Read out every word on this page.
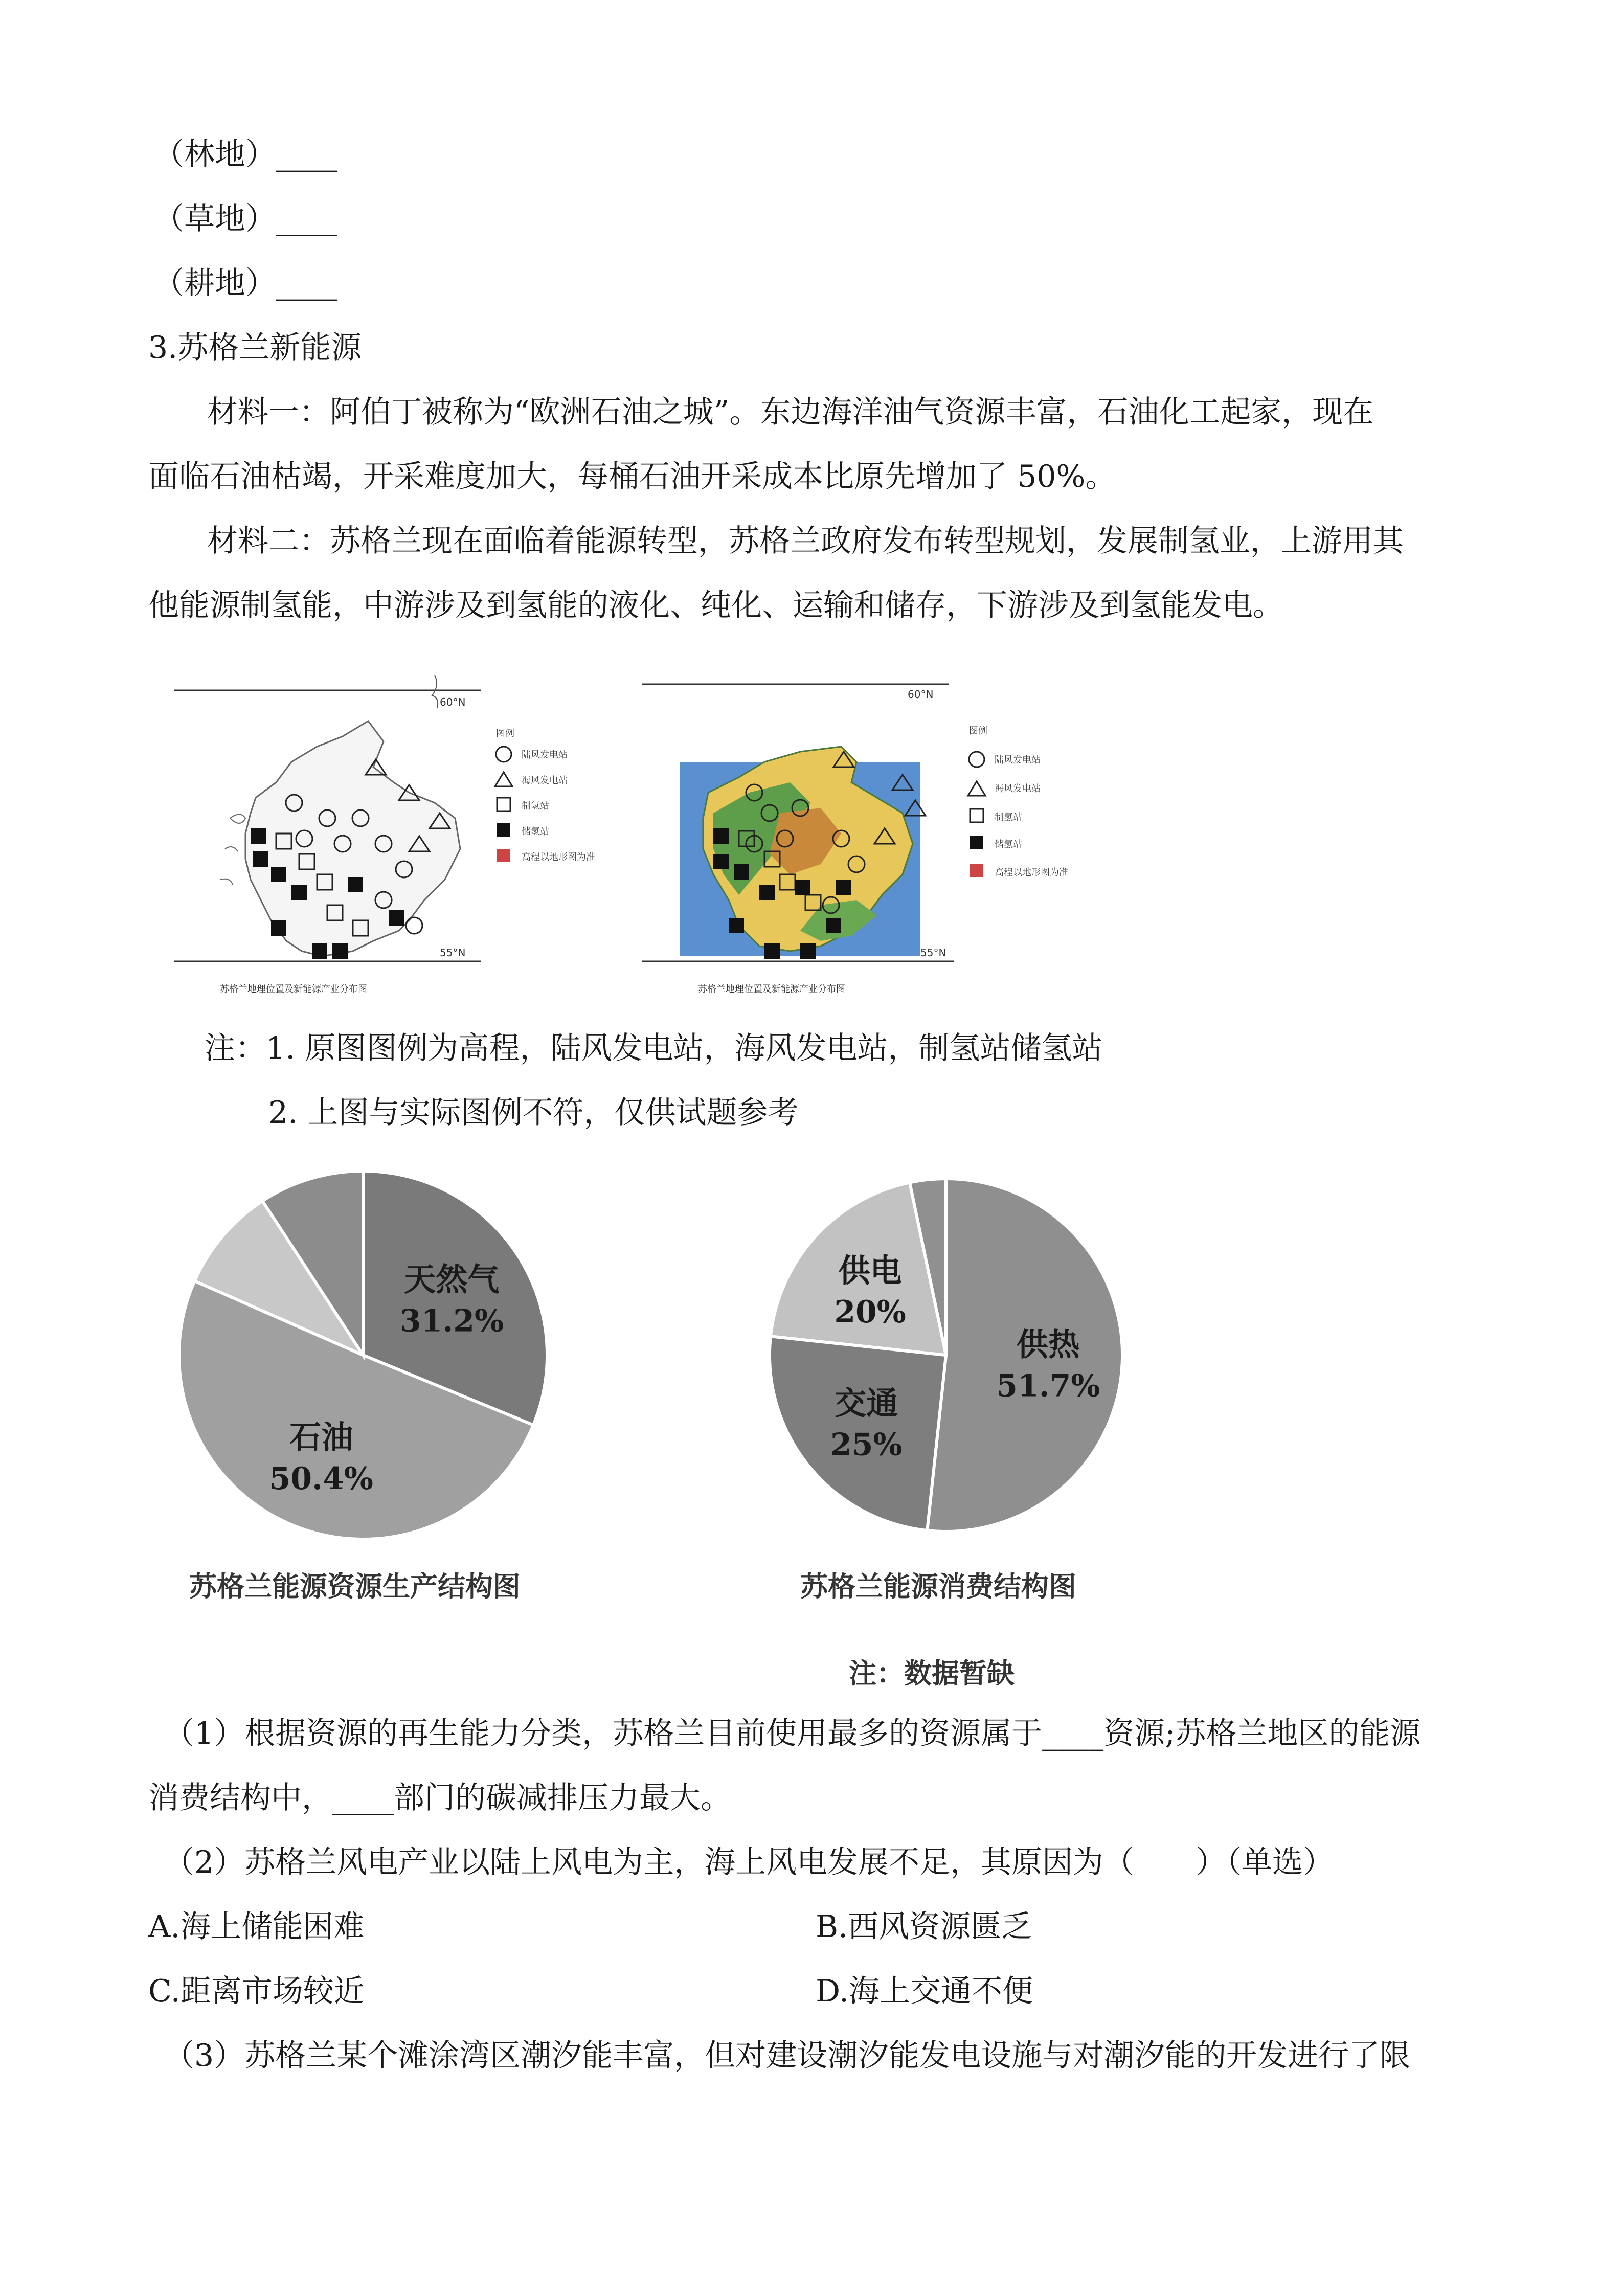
（林地）____
（草地）____
（耕地）____
3.苏格兰新能源
材料一：阿伯丁被称为“欧洲石油之城”。东边海洋油气资源丰富，石油化工起家，现在
面临石油枯竭，开采难度加大，每桶石油开采成本比原先增加了 50%。
材料二：苏格兰现在面临着能源转型，苏格兰政府发布转型规划，发展制氢业，上游用其
他能源制氢能，中游涉及到氢能的液化、纯化、运输和储存，下游涉及到氢能发电。
60°N
55°N
苏格兰地理位置及新能源产业分布图
图例
陆风发电站
海风发电站
制氢站
储氢站
高程以地形图为准
60°N
55°N
苏格兰地理位置及新能源产业分布图
图例
陆风发电站
海风发电站
制氢站
储氢站
高程以地形图为准
注：1. 原图图例为高程，陆风发电站，海风发电站，制氢站储氢站
2. 上图与实际图例不符，仅供试题参考
天然气
31.2%
石油
50.4%
供热
51.7%
交通
25%
供电
20%
苏格兰能源资源生产结构图	苏格兰能源消费结构图
注：数据暂缺
（1）根据资源的再生能力分类，苏格兰目前使用最多的资源属于____资源;苏格兰地区的能源
消费结构中，____部门的碳减排压力最大。
（2）苏格兰风电产业以陆上风电为主，海上风电发展不足，其原因为（　　）（单选）
A.海上储能困难	B.西风资源匮乏
C.距离市场较近	D.海上交通不便
（3）苏格兰某个滩涂湾区潮汐能丰富，但对建设潮汐能发电设施与对潮汐能的开发进行了限
